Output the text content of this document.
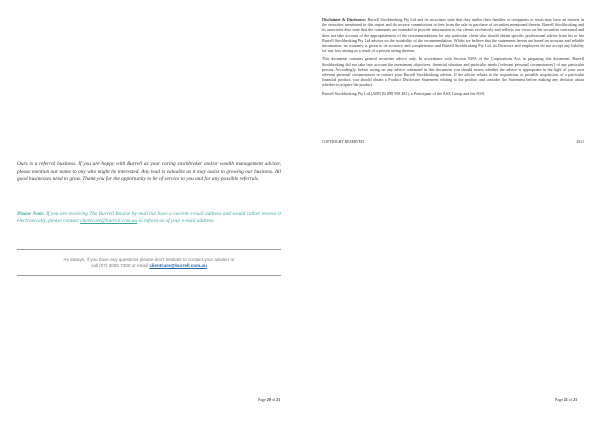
Ours is a referral business. If you are happy with Burrell as your caring stockbroker and/or wealth management adviser, please mention our name to any who might be interested. Any lead is valuable as it may assist in growing our business. All good businesses need to grow. Thank you for the opportunity to be of service to you and for any possible referrals.
Please Note: If you are receiving The Burrell Bourse by mail but have a current e-mail address and would rather receive it electronically, please contact clientcare@burrell.com.au to inform us of your e-mail address.
As always, if you have any questions please don't hesitate to contact your adviser or
call (07) 3006 7200 or email clientcare@burrell.com.au
Page 20 of 21

Disclaimer & Disclosure: Burrell Stockbroking Pty Ltd and its associates state that they and/or their families or companies or trusts may have an interest in the securities mentioned in this report and do receive commissions or fees from the sale or purchase of securities mentioned therein. Burrell Stockbroking and its associates also state that the comments are intended to provide information to our clients exclusively and reflects our views on the securities concerned and does not take account of the appropriateness of the recommendations for any particular client who should obtain specific professional advice from his or her Burrell Stockbroking Pty Ltd adviser on the suitability of the recommendation. Whilst we believe that the statements herein are based on accurate and reliable information, no warranty is given to its accuracy and completeness and Burrell Stockbroking Pty Ltd, its Directors and employees do not accept any liability for any loss arising as a result of a person acting thereon.

This document contains general securities advice only. In accordance with Section 949A of the Corporations Act, in preparing this document, Burrell Stockbroking did not take into account the investment objectives, financial situation and particular needs ('relevant personal circumstances') of any particular person. Accordingly, before acting on any advice contained in this document you should assess whether the advice is appropriate in the light of your own relevant personal circumstances or contact your Burrell Stockbroking adviser. If the advice relates to the acquisition, or possible acquisition, of a particular financial product, you should obtain a Product Disclosure Statement relating to the product and consider the Statement before making any decision about whether to acquire the product.

Burrell Stockbroking Pty Ltd (ABN 82 088 958 481), a Participant of the ASX Group and the NSX

COPYRIGHT RESERVED	2021
Page 21 of 21
